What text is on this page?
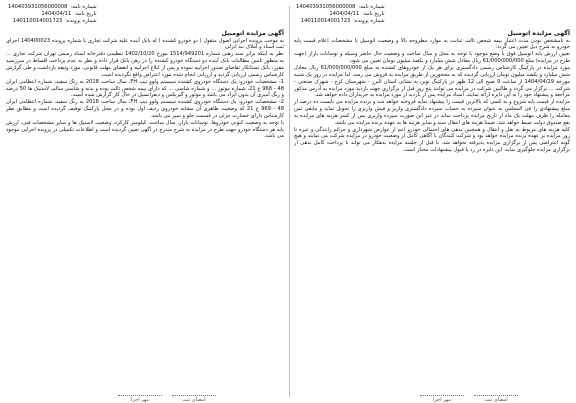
شماره نامه:
140403931056000008
تاریخ نامه:
1404/04/11
شماره پرونده:
140110014001723
آگهی مزایده اتومبیل

به نامشخص بودن مدت اعتبار بیمه شخص ثالث عنایت به موارد مطروحه بالا و وضعیت اتومبیل با مشخصات اعلام قیمت پایه خودرو به شرح ذیل تعیین می گردد:

تعیین ارزش پایه اتومبیل فوق با وضع موجود با توجه به محل و سال ساخت و وضعیت حال حاضر وسیله و نوسانات بازار (جهت طرح در مزایده) مبلغ 61/000/000/000 ریال معادل شش میلیارد و یکصد میلیون تومان تعیین می شود.

مورد مزایده در پارکینگ کارشناس رسمی دادگستری برای هر یک از خودروهای کشنده به مبلغ 61/000/000/000 ریال معادل شش میلیارد و یکصد میلیون تومان ارزیابی گردیده که به محجوزین از طریق مزایده به فروش می رسد. لذا مزایده در روز یک شنبه مورخه 1404/04/29 از ساعت 9 صبح الی 12 ظهر در پارکینگ نوین به نشانی استان البرز - شهرستان کرج - شهرک صنعتی - شرکت ... برگزار می گردد و طالبین شرکت در مزایده می توانند پنج روز قبل از برگزاری جهت بازدید مورد مزایده به آدرس مذکور مراجعه و پیشنهاد خود را به این دایره ارائه نمایند. اسناد مزایده پس از بازدید از مورد مزایده به خریداران داده خواهد شد.

مزایده از قیمت پایه شروع و به کسی که بالاترین قیمت را پیشنهاد نماید فروخته خواهد شد و برنده مزایده می بایست ده درصد از مبلغ پیشنهادی را فی المجلس به عنوان سپرده به حساب سپرده دادگستری واریز و فیش واریزی را تحویل نماید و مابقی ثمن معامله را ظرف مهلت یک ماه از تاریخ مزایده پرداخت نماید در غیر این صورت سپرده واریزی پس از کسر هزینه های مزایده به نفع صندوق دولت ضبط خواهد شد. ضمنا هزینه های انتقال سند و سایر هزینه ها به عهده برنده مزایده می باشد.

کلیه هزینه های مربوط به نقل و انتقال و همچنین بدهی های احتمالی خودرو اعم از عوارض شهرداری و جرائم رانندگی و غیره تا روز مزایده بر عهده برنده مزایده خواهد بود و شرکت کنندگان با آگاهی کامل از وضعیت خودرو در مزایده شرکت می نمایند و هیچ گونه اعتراضی پس از برگزاری مزایده پذیرفته نخواهد شد. تا قبل از جلسه مزایده بدهکار می تواند با پرداخت کامل بدهی از برگزاری مزایده جلوگیری نماید. این دایره در رد یا قبول پیشنهادات مختار است.

شماره نامه:
140403931056000008
تاریخ نامه:
1404/04/11
شماره پرونده:
140110014001723
آگهی مزایده اتومبیل

به موجب پرونده اجرایی اصول متقول ( دو خودرو کشنده ) له بانک آینده علیه شرکت تجاری با شماره پرونده 140400023 اجرای ثبت اسناد و املاک بند انزلی

نظر به اینکه برابر سند رهنی شماره 1514/949201 مورخ 1402/10/20 تنظیمی دفترخانه اسناد رسمی تهران شرکت تجاری ... به منظور تامین مطالبات بانک آینده دو دستگاه خودرو کشنده را در رهن بانک قرار داده و نظر به عدم پرداخت اقساط در سررسید مقرر، بانک بستانکار تقاضای صدور اجراییه نموده و پس از ابلاغ اجراییه و انقضای مهلت قانونی، مورد وثیقه بازداشت و طی گزارش کارشناس رسمی ارزیابی گردید و ارزیابی انجام شده مورد اعتراض واقع نگردیده است.

1- مشخصات خودرو: یک دستگاه خودروی کشنده سیستم ولوو تیپ FH، سال ساخت 2018 به رنگ سفید، شماره انتظامی ایران 48 - 968 ع 21، شماره موتور ... و شماره شاسی ... که دارای بیمه شخص ثالث بوده و بدنه و شاسی سالم، لاستیک ها 50 درصد و رنگ آمیزی آن بدون ایراد می باشد و موتور و گیربکس و دیفرانسیل در حال کار گزارش شده است.

2- مشخصات خودرو: یک دستگاه خودروی کشنده سیستم ولوو تیپ FH، سال ساخت 2018 به رنگ سفید، شماره انتظامی ایران 48 - 969 ع 21 که وضعیت ظاهری آن مشابه خودروی ردیف اول بوده و در محل پارکینگ توقیف گردیده است و مطابق نظر کارشناس دارای خسارت جزئی در قسمت جلو و سپر می باشد.

با توجه به وضعیت کنونی خودروها، نوسانات بازار، سال ساخت، کیلومتر کارکرد، وضعیت لاستیک ها و سایر مشخصات فنی، ارزش پایه هر دستگاه خودرو جهت طرح در مزایده به شرح مندرج در آگهی تعیین گردیده است و اطلاعات تکمیلی در پرونده اجرایی موجود می باشد.

امضای ثبت
مهر اجرا
امضای ثبت
مهر اجرا
